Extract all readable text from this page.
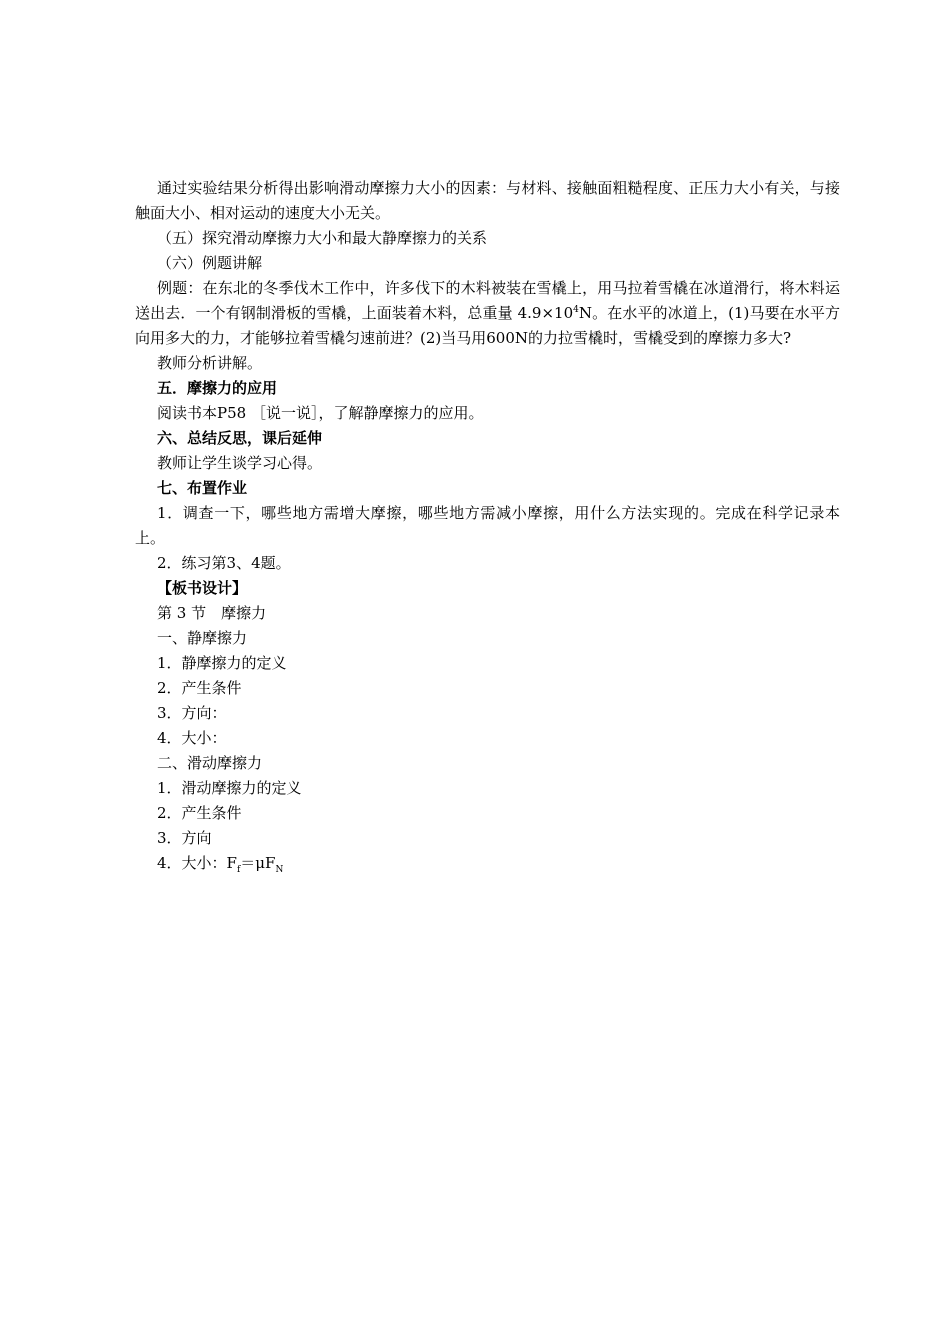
通过实验结果分析得出影响滑动摩擦力大小的因素：与材料、接触面粗糙程度、正压力大小有关，与接触面大小、相对运动的速度大小无关。

（五）探究滑动摩擦力大小和最大静摩擦力的关系

（六）例题讲解

例题：在东北的冬季伐木工作中，许多伐下的木料被装在雪橇上，用马拉着雪橇在冰道滑行，将木料运送出去．一个有钢制滑板的雪橇，上面装着木料，总重量 $4.9\times 10^4N$。在水平的冰道上，(1)马要在水平方向用多大的力，才能够拉着雪橇匀速前进？(2)当马用600N的力拉雪橇时，雪橇受到的摩擦力多大?

教师分析讲解。

五．摩擦力的应用

阅读书本P58 ［说一说］，了解静摩擦力的应用。

六、总结反思，课后延伸

教师让学生谈学习心得。

七、布置作业

1．调查一下，哪些地方需增大摩擦，哪些地方需减小摩擦，用什么方法实现的。完成在科学记录本上。

2．练习第3、4题。

【板书设计】

第 3 节　摩擦力

一、静摩擦力

1．静摩擦力的定义

2．产生条件

3．方向：

4．大小：

二、滑动摩擦力

1．滑动摩擦力的定义

2．产生条件

3．方向

4．大小：$F_f=\mu F_N$
